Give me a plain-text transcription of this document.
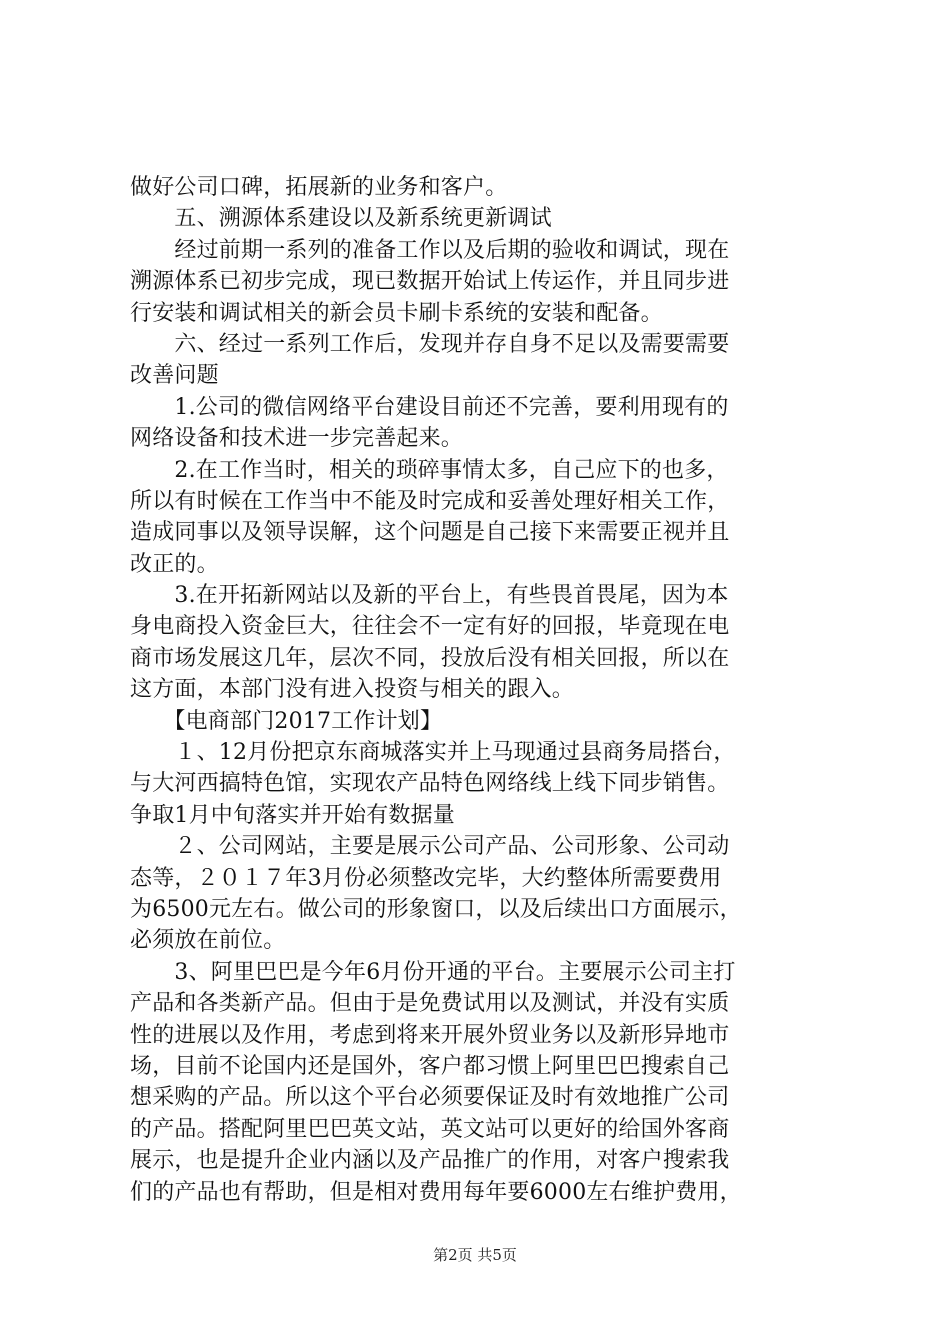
做好公司口碑，拓展新的业务和客户。
　　五、溯源体系建设以及新系统更新调试
　　经过前期一系列的准备工作以及后期的验收和调试，现在
溯源体系已初步完成，现已数据开始试上传运作，并且同步进
行安装和调试相关的新会员卡刷卡系统的安装和配备。
　　六、经过一系列工作后，发现并存自身不足以及需要需要
改善问题
　　1.公司的微信网络平台建设目前还不完善，要利用现有的
网络设备和技术进一步完善起来。
　　2.在工作当时，相关的琐碎事情太多，自己应下的也多，
所以有时候在工作当中不能及时完成和妥善处理好相关工作，
造成同事以及领导误解，这个问题是自己接下来需要正视并且
改正的。
　　3.在开拓新网站以及新的平台上，有些畏首畏尾，因为本
身电商投入资金巨大，往往会不一定有好的回报，毕竟现在电
商市场发展这几年，层次不同，投放后没有相关回报，所以在
这方面，本部门没有进入投资与相关的跟入。
　　【电商部门2017工作计划】
　　１、12月份把京东商城落实并上马现通过县商务局搭台，
与大河西搞特色馆，实现农产品特色网络线上线下同步销售。
争取1月中旬落实并开始有数据量
　　２、公司网站，主要是展示公司产品、公司形象、公司动
态等，２０１７年3月份必须整改完毕，大约整体所需要费用
为6500元左右。做公司的形象窗口，以及后续出口方面展示，
必须放在前位。
　　3、阿里巴巴是今年6月份开通的平台。主要展示公司主打
产品和各类新产品。但由于是免费试用以及测试，并没有实质
性的进展以及作用，考虑到将来开展外贸业务以及新形异地市
场，目前不论国内还是国外，客户都习惯上阿里巴巴搜索自己
想采购的产品。所以这个平台必须要保证及时有效地推广公司
的产品。搭配阿里巴巴英文站，英文站可以更好的给国外客商
展示，也是提升企业内涵以及产品推广的作用，对客户搜索我
们的产品也有帮助，但是相对费用每年要6000左右维护费用，
第2页 共5页
